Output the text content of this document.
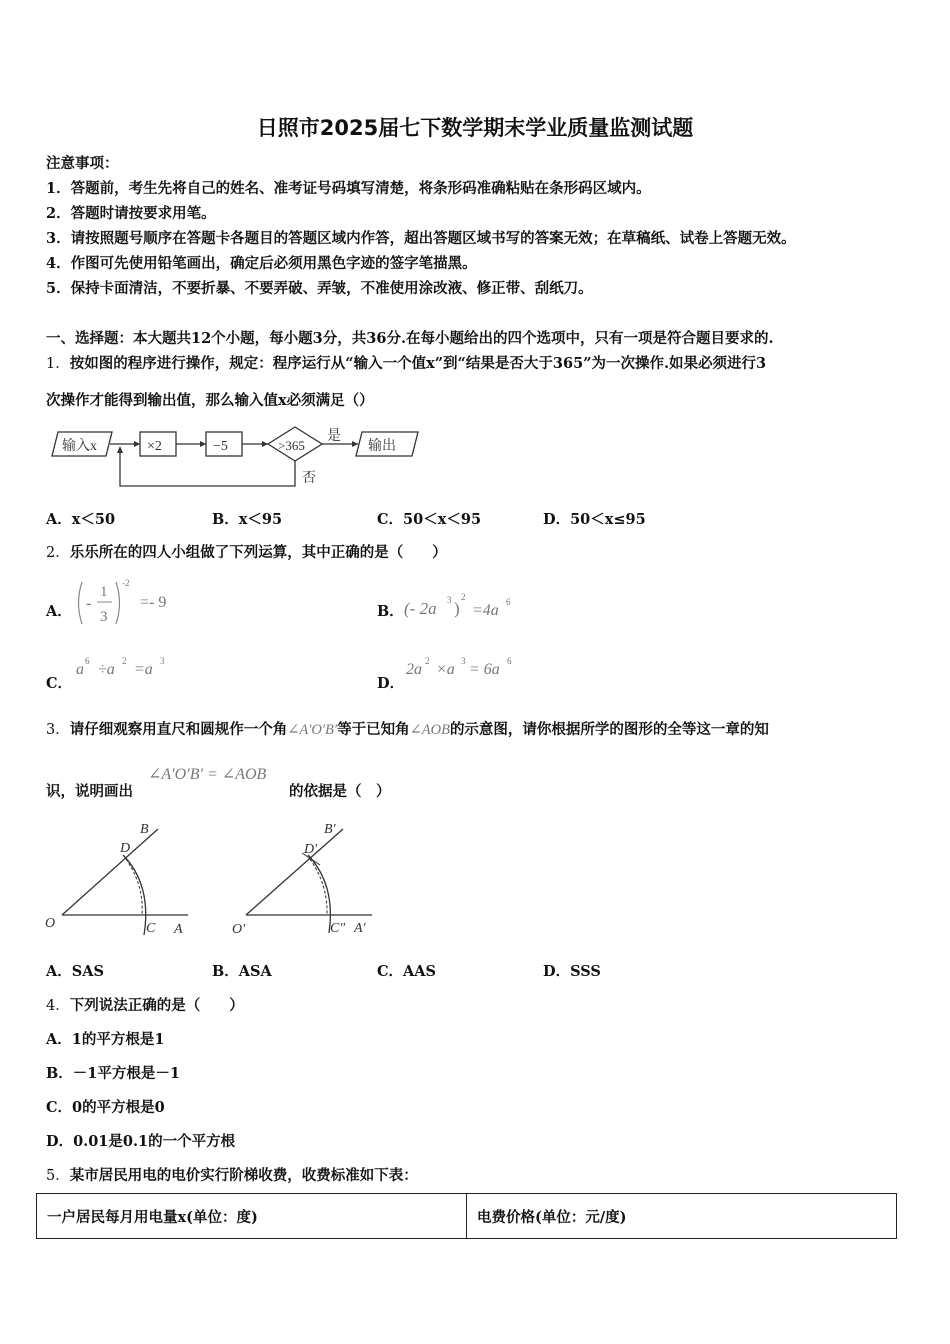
日照市2025届七下数学期末学业质量监测试题
注意事项：
1．答题前，考生先将自己的姓名、准考证号码填写清楚，将条形码准确粘贴在条形码区域内。
2．答题时请按要求用笔。
3．请按照题号顺序在答题卡各题目的答题区域内作答，超出答题区域书写的答案无效；在草稿纸、试卷上答题无效。
4．作图可先使用铅笔画出，确定后必须用黑色字迹的签字笔描黑。
5．保持卡面清洁，不要折暴、不要弄破、弄皱，不准使用涂改液、修正带、刮纸刀。
一、选择题：本大题共12个小题，每小题3分，共36分.在每小题给出的四个选项中，只有一项是符合题目要求的.
1．按如图的程序进行操作，规定：程序运行从“输入一个值x”到“结果是否大于365”为一次操作.如果必须进行3
次操作才能得到输出值，那么输入值x必须满足（）
输入x	×2	−5	>365
是
否
输出
A．x＜50	B．x＜95	C．50＜x＜95	D．50＜x≤95
2．乐乐所在的四人小组做了下列运算，其中正确的是（　　）
A． -
1
3
-2
=- 9
B． (- 2a 3 )
2
=4a 6
C．
a 6 ÷a 2 =a 3
D．
2a 2 ×a 3 = 6a 6
3．请仔细观察用直尺和圆规作一个角∠A′O′B′等于已知角∠AOB的示意图，请你根据所学的图形的全等这一章的知
识，说明画出
∠A′O′B′ = ∠AOB
的依据是（　）
B
D
O	C A
B′
D′
O′	C″ A′
A．SAS	B．ASA	C．AAS	D．SSS
4．下列说法正确的是（　　）
A．1的平方根是1
B．－1平方根是－1
C．0的平方根是0
D．0.01是0.1的一个平方根
5．某市居民用电的电价实行阶梯收费，收费标准如下表：
一户居民每月用电量x(单位：度)	电费价格(单位：元/度)
